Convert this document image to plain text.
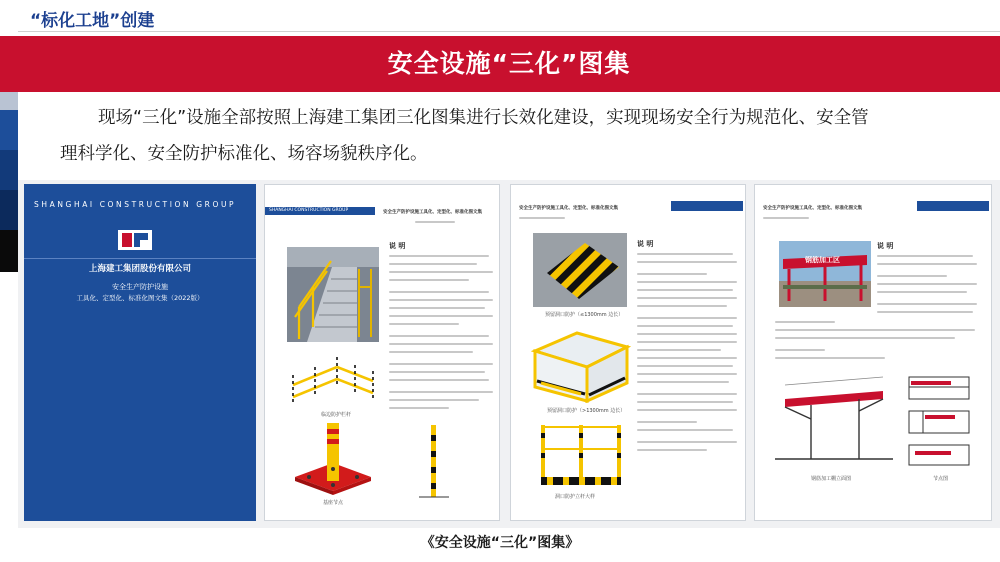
“标化工地”创建
安全设施“三化”图集
现场“三化”设施全部按照上海建工集团三化图集进行长效化建设，实现现场安全行为规范化、安全管
理科学化、安全防护标准化、场容场貌秩序化。
SHANGHAI CONSTRUCTION GROUP
上海建工集团股份有限公司
安全生产防护设施
工具化、定型化、标准化图文集（2022版）
SHANGHAI CONSTRUCTION GROUP	安全生产防护设施工具化、定型化、标准化图文集
临边防护栏杆
基座节点
说 明
安全生产防护设施工具化、定型化、标准化图文集
预留洞口防护（≤1300mm 边长）
预留洞口防护（>1300mm 边长）
洞口防护立杆大样
说 明
安全生产防护设施工具化、定型化、标准化图文集
钢筋加工区
说 明
钢筋加工棚立面图	节点图
《安全设施“三化”图集》
